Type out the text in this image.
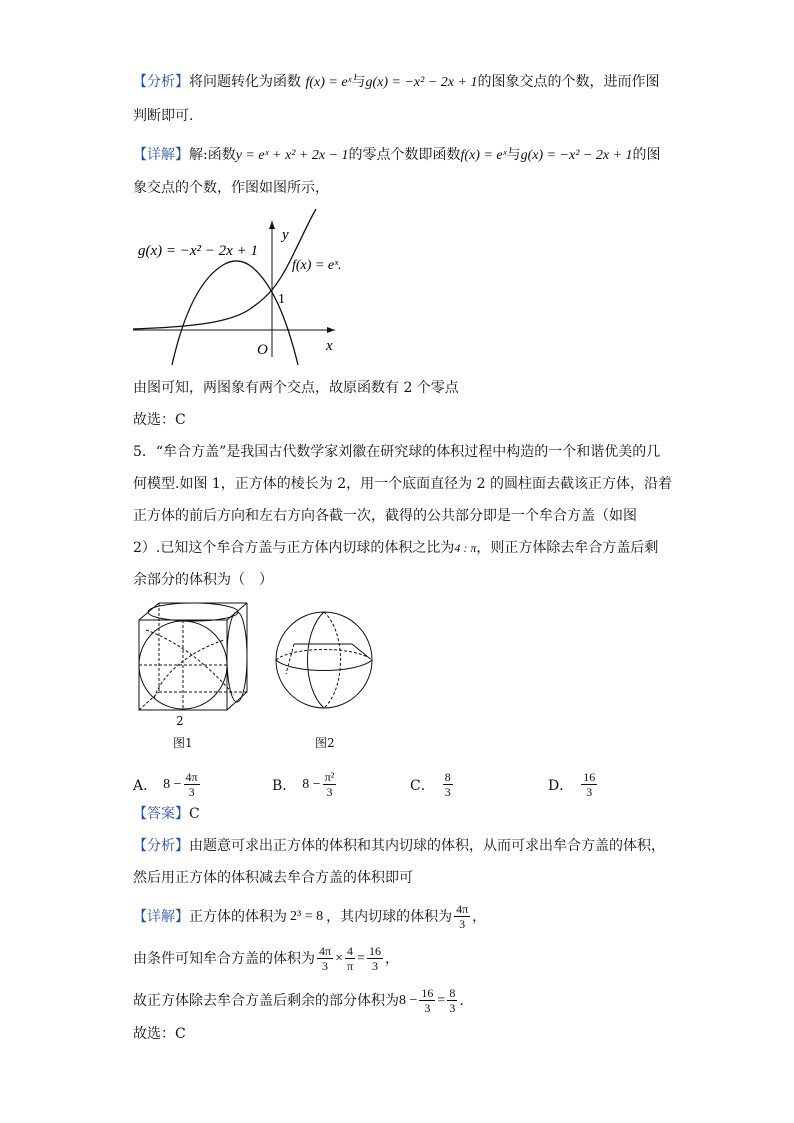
【分析】将问题转化为函数 f(x) = eˣ与g(x) = −x² − 2x + 1的图象交点的个数，进而作图
判断即可.
【详解】解:函数y = eˣ + x² + 2x − 1的零点个数即函数f(x) = eˣ与g(x) = −x² − 2x + 1的图
象交点的个数，作图如图所示，
g(x) = −x² − 2x + 1
f(x) = eˣ.
y
x
O
1
由图可知，两图象有两个交点，故原函数有 2 个零点
故选：C
5．“牟合方盖”是我国古代数学家刘徽在研究球的体积过程中构造的一个和谐优美的几
何模型.如图 1，正方体的棱长为 2，用一个底面直径为 2 的圆柱面去截该正方体，沿着
正方体的前后方向和左右方向各截一次，截得的公共部分即是一个牟合方盖（如图
2）.已知这个牟合方盖与正方体内切球的体积之比为4 : π，则正方体除去牟合方盖后剩
余部分的体积为（　）
2
图1	图2
A． $8 - \frac{4\pi}{3}$	B． $8 - \frac{\text{π²}}{3}$	C． $\frac{8}{3}$	D． $\frac{16}{3}$
【答案】C
【分析】由题意可求出正方体的体积和其内切球的体积，从而可求出牟合方盖的体积，
然后用正方体的体积减去牟合方盖的体积即可
【详解】 正方体的体积为 2³ = 8 ，其内切球的体积为 $\frac{4\pi}{3}$ ，
由条件可知牟合方盖的体积为 $\frac{4\pi}{3} \times \frac{4}{\pi} = \frac{16}{3}$ ，
故正方体除去牟合方盖后剩余的部分体积为 $8 - \frac{16}{3} = \frac{8}{3}$ .
故选：C
